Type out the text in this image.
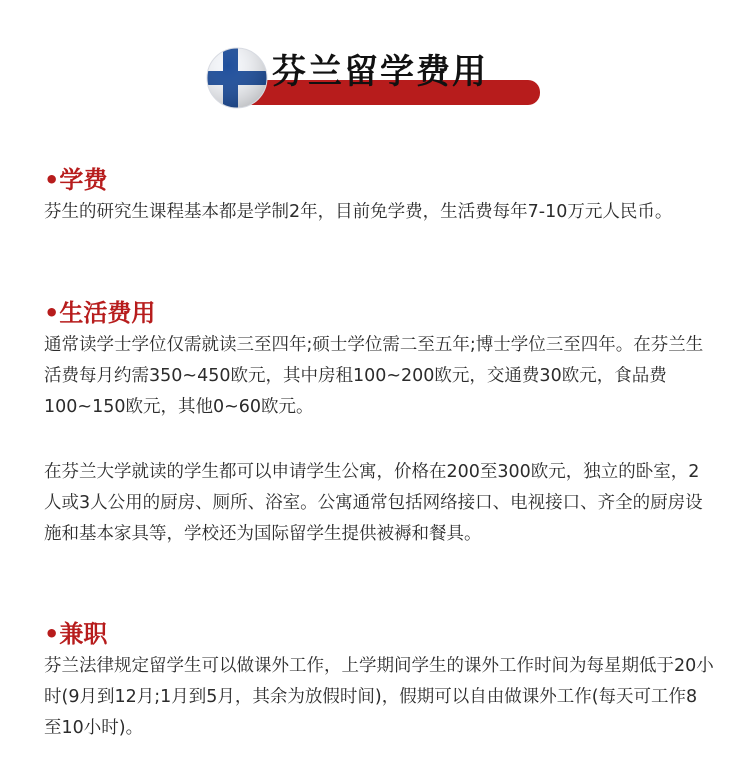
芬兰留学费用

•学费

芬生的研究生课程基本都是学制2年，目前免学费，生活费每年7-10万元人民币。

•生活费用

通常读学士学位仅需就读三至四年;硕士学位需二至五年;博士学位三至四年。在芬兰生活费每月约需350~450欧元，其中房租100~200欧元，交通费30欧元，食品费100~150欧元，其他0~60欧元。

在芬兰大学就读的学生都可以申请学生公寓，价格在200至300欧元，独立的卧室，2人或3人公用的厨房、厕所、浴室。公寓通常包括网络接口、电视接口、齐全的厨房设施和基本家具等，学校还为国际留学生提供被褥和餐具。

•兼职

芬兰法律规定留学生可以做课外工作，上学期间学生的课外工作时间为每星期低于20小时(9月到12月;1月到5月，其余为放假时间)，假期可以自由做课外工作(每天可工作8至10小时)。
